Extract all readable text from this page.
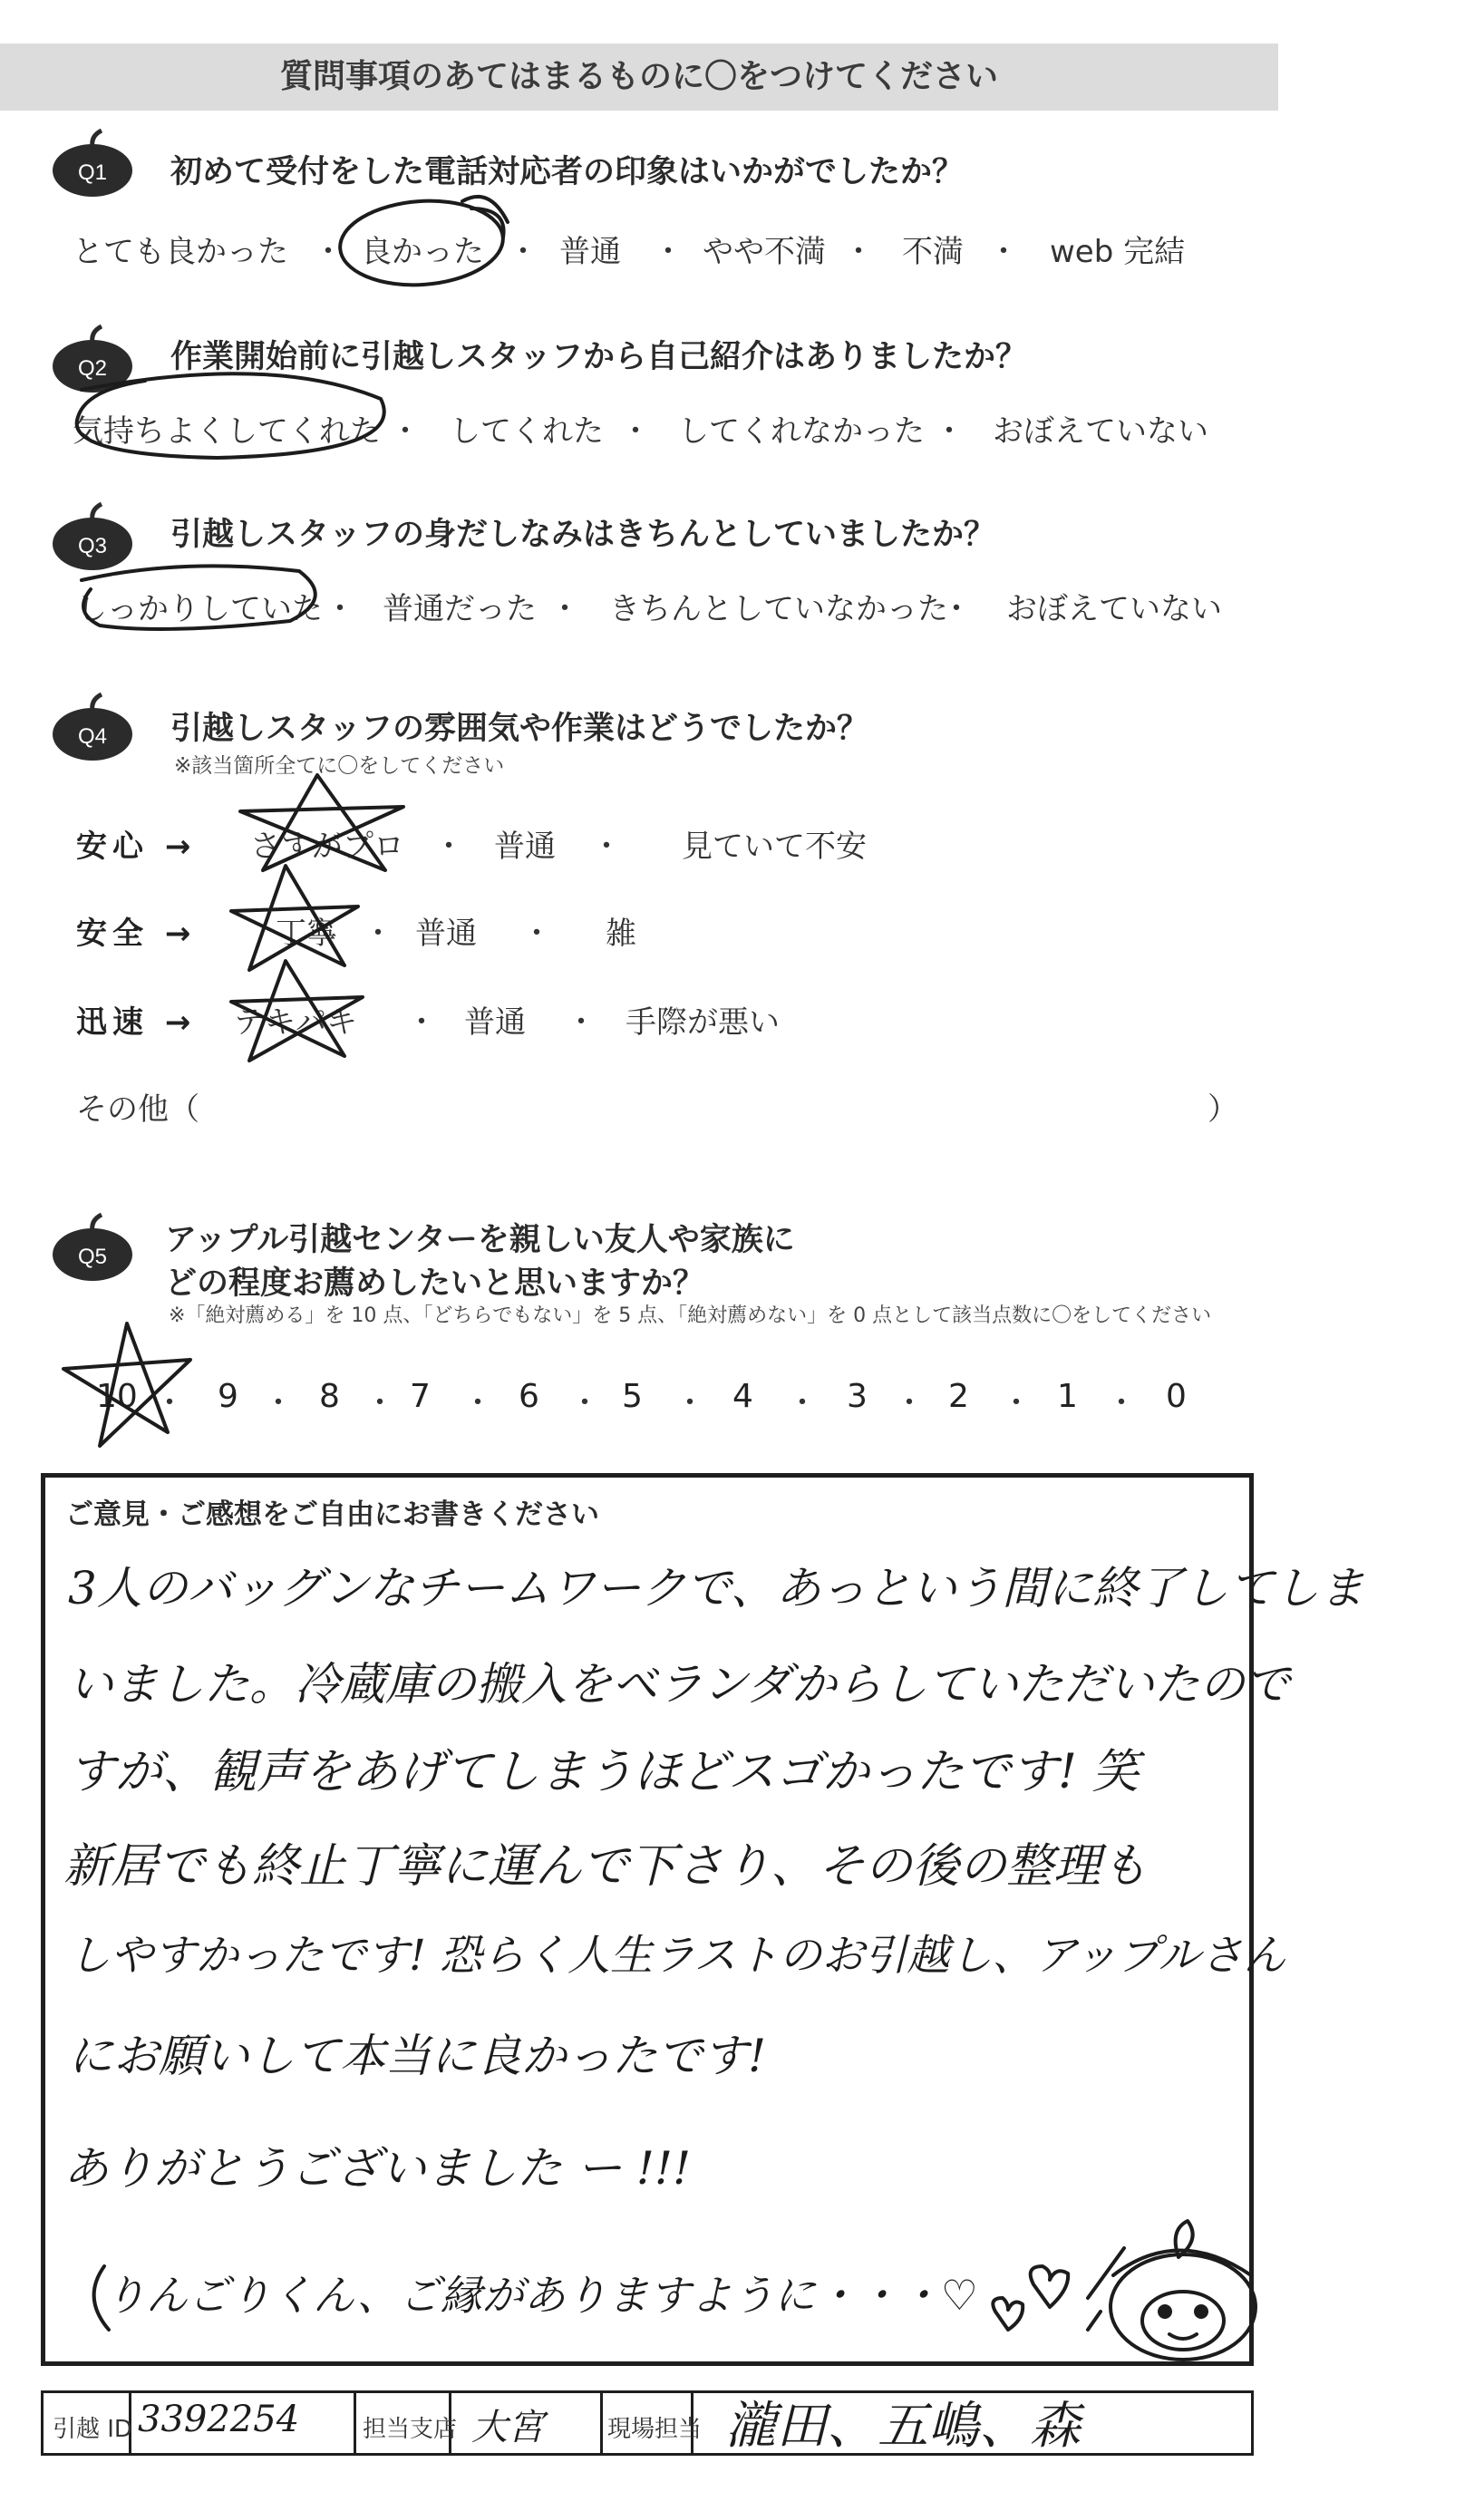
質問事項のあてはまるものに〇をつけてください
Q1 初めて受付をした電話対応者の印象はいかがでしたか？
とても良かった ・ 良かった ・ 普通 ・ やや不満 ・ 不満 ・ web 完結
Q2 作業開始前に引越しスタッフから自己紹介はありましたか？
気持ちよくしてくれた ・ してくれた ・ してくれなかった ・ おぼえていない
Q3 引越しスタッフの身だしなみはきちんとしていましたか？
しっかりしていた ・ 普通だった ・ きちんとしていなかった
・ おぼえていない
Q4 引越しスタッフの雰囲気や作業はどうでしたか？
※該当箇所全てに〇をしてください
安心 → さすがプロ ・ 普通 ・ 見ていて不安
安全 →	丁寧 ・ 普通 ・ 雑
迅速 → テキパキ ・ 普通 ・ 手際が悪い
その他（	）
Q5 アップル引越センターを親しい友人や家族に
どの程度お薦めしたいと思いますか？
※「絶対薦める」を 10 点、「どちらでもない」を 5 点、「絶対薦めない」を 0 点として該当点数に〇をしてください
10 ・ 9 ・ 8 ・ 7 ・ 6 ・ 5 ・ 4 ・ 3 ・ 2 ・ 1 ・ 0
ご意見・ご感想をご自由にお書きください
3人のバッグンなチームワークで、あっという間に終了してしま
いました。冷蔵庫の搬入をベランダからしていただいたので
すが、観声をあげてしまうほどスゴかったです! 笑
新居でも終止丁寧に運んで下さり、その後の整理も
しやすかったです! 恐らく人生ラストのお引越し、アップルさん
にお願いして本当に良かったです!
ありがとうございました ー !!!
りんごりくん、ご縁がありますように・・・♡
引越 ID 3392254	担当支店 大宮	現場担当 瀧田、五嶋、森
